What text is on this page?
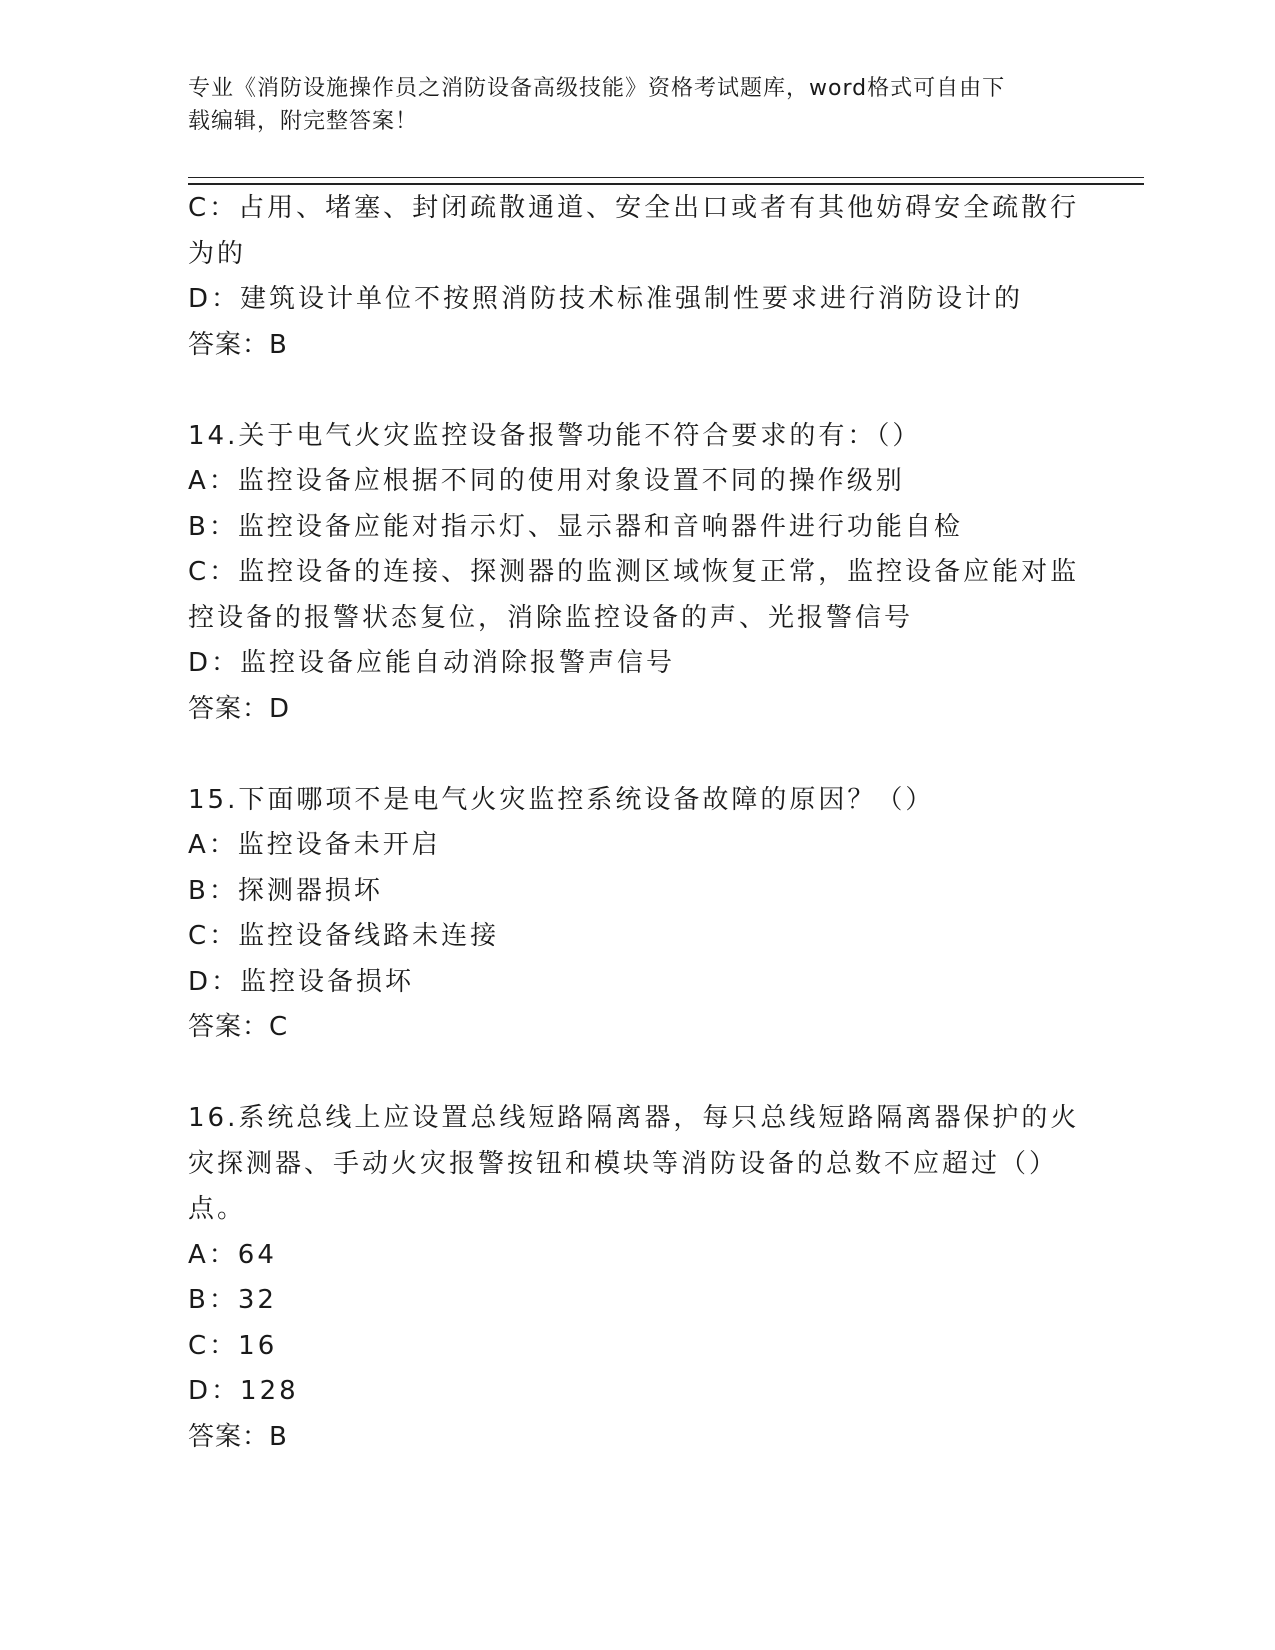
专业《消防设施操作员之消防设备高级技能》资格考试题库，word格式可自由下
载编辑，附完整答案！
C：占用、堵塞、封闭疏散通道、安全出口或者有其他妨碍安全疏散行
为的
D：建筑设计单位不按照消防技术标准强制性要求进行消防设计的
答案：B
14.关于电气火灾监控设备报警功能不符合要求的有：（）
A：监控设备应根据不同的使用对象设置不同的操作级别
B：监控设备应能对指示灯、显示器和音响器件进行功能自检
C：监控设备的连接、探测器的监测区域恢复正常，监控设备应能对监
控设备的报警状态复位，消除监控设备的声、光报警信号
D：监控设备应能自动消除报警声信号
答案：D
15.下面哪项不是电气火灾监控系统设备故障的原因？（）
A：监控设备未开启
B：探测器损坏
C：监控设备线路未连接
D：监控设备损坏
答案：C
16.系统总线上应设置总线短路隔离器，每只总线短路隔离器保护的火
灾探测器、手动火灾报警按钮和模块等消防设备的总数不应超过（）
点。
A：64
B：32
C：16
D：128
答案：B
